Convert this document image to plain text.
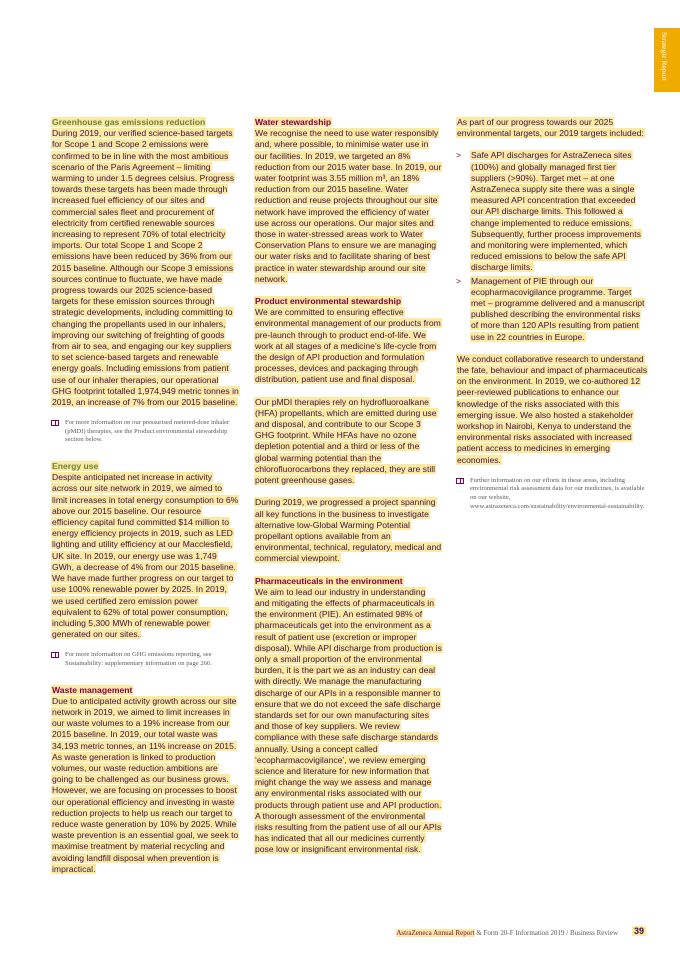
Strategic Report
Greenhouse gas emissions reduction

During 2019, our verified science-based targets for Scope 1 and Scope 2 emissions were confirmed to be in line with the most ambitious scenario of the Paris Agreement – limiting warming to under 1.5 degrees celsius. Progress towards these targets has been made through increased fuel efficiency of our sites and commercial sales fleet and procurement of electricity from certified renewable sources increasing to represent 70% of total electricity imports. Our total Scope 1 and Scope 2 emissions have been reduced by 36% from our 2015 baseline. Although our Scope 3 emissions sources continue to fluctuate, we have made progress towards our 2025 science-based targets for these emission sources through strategic developments, including committing to changing the propellants used in our inhalers, improving our switching of freighting of goods from air to sea, and engaging our key suppliers to set science-based targets and renewable energy goals. Including emissions from patient use of our inhaler therapies, our operational GHG footprint totalled 1,974,949 metric tonnes in 2019, an increase of 7% from our 2015 baseline.

For more information on our pressurised metered-dose inhaler (pMDI) therapies, see the Product environmental stewardship section below.
Energy use

Despite anticipated net increase in activity across our site network in 2019, we aimed to limit increases in total energy consumption to 6% above our 2015 baseline. Our resource efficiency capital fund committed $14 million to energy efficiency projects in 2019, such as LED lighting and utility efficiency at our Macclesfield, UK site. In 2019, our energy use was 1,749 GWh, a decrease of 4% from our 2015 baseline. We have made further progress on our target to use 100% renewable power by 2025. In 2019, we used certified zero emission power equivalent to 62% of total power consumption, including 5,300 MWh of renewable power generated on our sites.

For more information on GHG emissions reporting, see Sustainability: supplementary information on page 266.
Waste management

Due to anticipated activity growth across our site network in 2019, we aimed to limit increases in our waste volumes to a 19% increase from our 2015 baseline. In 2019, our total waste was 34,193 metric tonnes, an 11% increase on 2015. As waste generation is linked to production volumes, our waste reduction ambitions are going to be challenged as our business grows. However, we are focusing on processes to boost our operational efficiency and investing in waste reduction projects to help us reach our target to reduce waste generation by 10% by 2025. While waste prevention is an essential goal, we seek to maximise treatment by material recycling and avoiding landfill disposal when prevention is impractical.

Water stewardship

We recognise the need to use water responsibly and, where possible, to minimise water use in our facilities. In 2019, we targeted an 8% reduction from our 2015 water base. In 2019, our water footprint was 3.55 million m³, an 18% reduction from our 2015 baseline. Water reduction and reuse projects throughout our site network have improved the efficiency of water use across our operations. Our major sites and those in water-stressed areas work to Water Conservation Plans to ensure we are managing our water risks and to facilitate sharing of best practice in water stewardship around our site network.

Product environmental stewardship

We are committed to ensuring effective environmental management of our products from pre-launch through to product end-of-life. We work at all stages of a medicine’s life-cycle from the design of API production and formulation processes, devices and packaging through distribution, patient use and final disposal.

Our pMDI therapies rely on hydrofluoroalkane (HFA) propellants, which are emitted during use and disposal, and contribute to our Scope 3 GHG footprint. While HFAs have no ozone depletion potential and a third or less of the global warming potential than the chlorofluorocarbons they replaced, they are still potent greenhouse gases.

During 2019, we progressed a project spanning all key functions in the business to investigate alternative low-Global Warming Potential propellant options available from an environmental, technical, regulatory, medical and commercial viewpoint.

Pharmaceuticals in the environment

We aim to lead our industry in understanding and mitigating the effects of pharmaceuticals in the environment (PIE). An estimated 98% of pharmaceuticals get into the environment as a result of patient use (excretion or improper disposal). While API discharge from production is only a small proportion of the environmental burden, it is the part we as an industry can deal with directly. We manage the manufacturing discharge of our APIs in a responsible manner to ensure that we do not exceed the safe discharge standards set for our own manufacturing sites and those of key suppliers. We review compliance with these safe discharge standards annually. Using a concept called ‘ecopharmacovigilance’, we review emerging science and literature for new information that might change the way we assess and manage any environmental risks associated with our products through patient use and API production. A thorough assessment of the environmental risks resulting from the patient use of all our APIs has indicated that all our medicines currently pose low or insignificant environmental risk.

As part of our progress towards our 2025 environmental targets, our 2019 targets included:

> Safe API discharges for AstraZeneca sites (100%) and globally managed first tier suppliers (>90%). Target met – at one AstraZeneca supply site there was a single measured API concentration that exceeded our API discharge limits. This followed a change implemented to reduce emissions. Subsequently, further process improvements and monitoring were implemented, which reduced emissions to below the safe API discharge limits.
> Management of PIE through our ecopharmacovigilance programme. Target met – programme delivered and a manuscript published describing the environmental risks of more than 120 APIs resulting from patient use in 22 countries in Europe.

We conduct collaborative research to understand the fate, behaviour and impact of pharmaceuticals on the environment. In 2019, we co-authored 12 peer-reviewed publications to enhance our knowledge of the risks associated with this emerging issue. We also hosted a stakeholder workshop in Nairobi, Kenya to understand the environmental risks associated with increased patient access to medicines in emerging economies.

Further information on our efforts in these areas, including environmental risk assessment data for our medicines, is available on our website, www.astrazeneca.com/sustainability/environmental-sustainability.
AstraZeneca Annual Report & Form 20-F Information 2019 / Business Review 39
